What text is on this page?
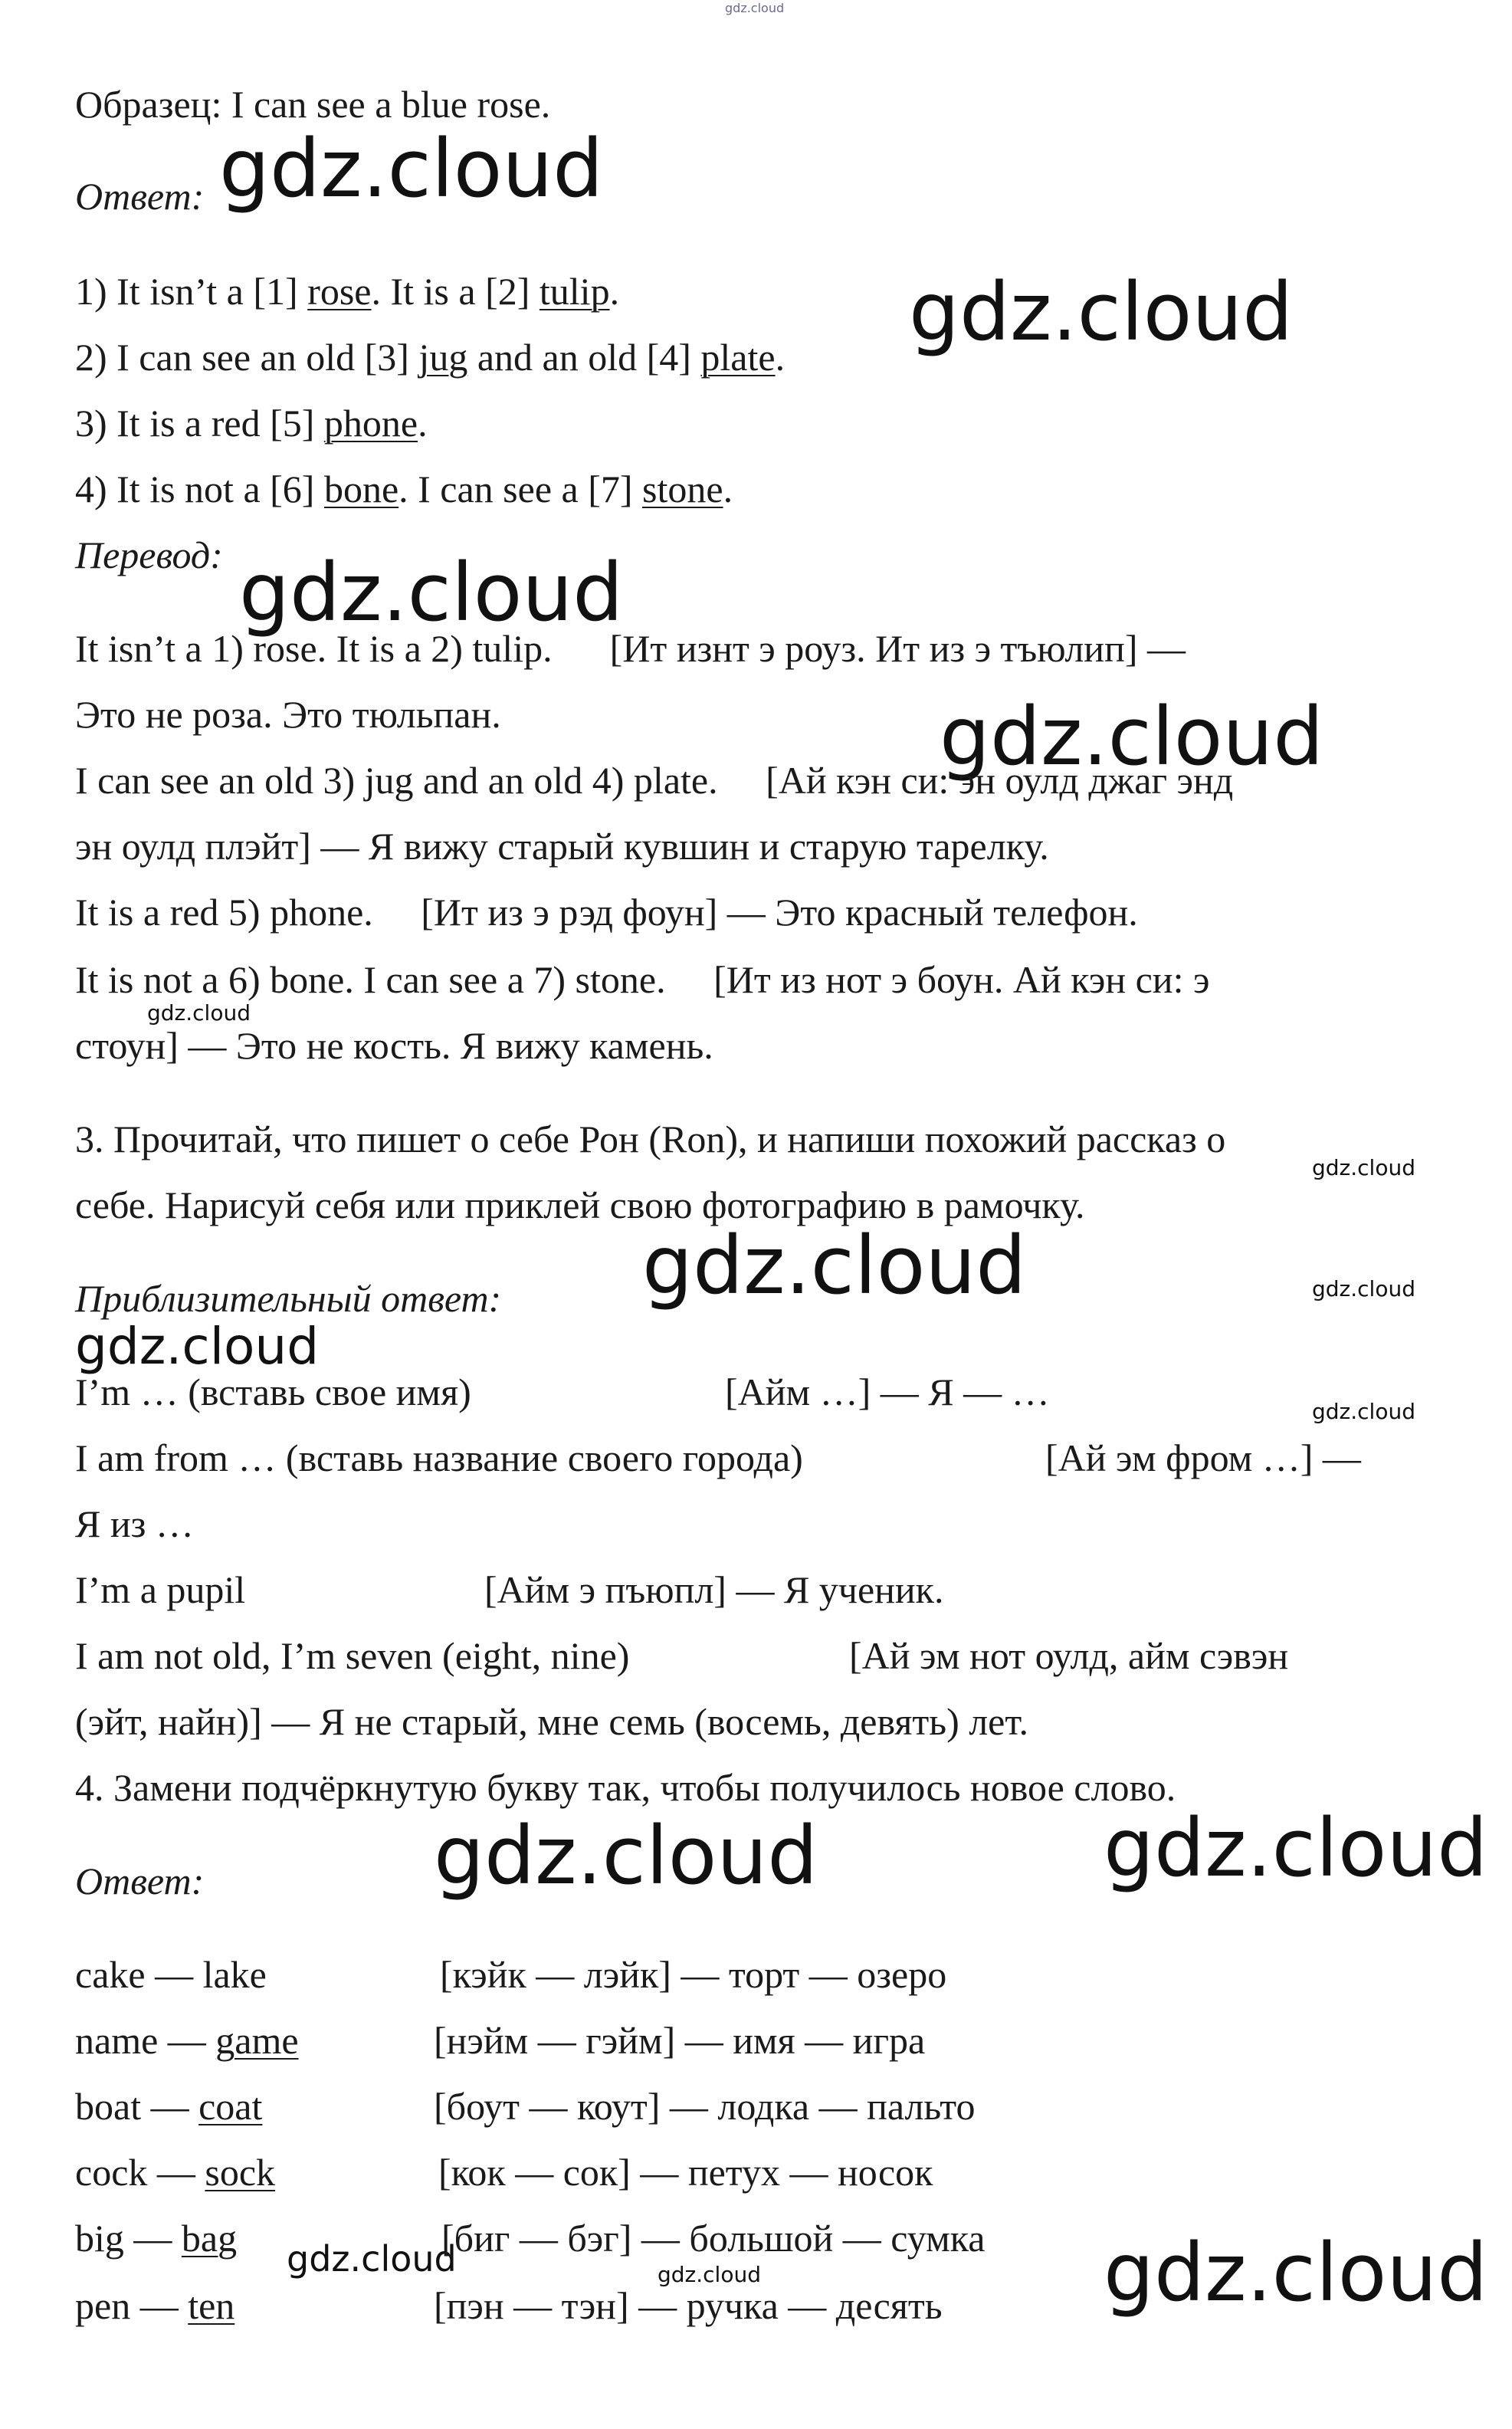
gdz.cloud
gdz.cloud
gdz.cloud
gdz.cloud
gdz.cloud
gdz.cloud
gdz.cloud
gdz.cloud	gdz.cloud
gdz.cloud
gdz.cloud
gdz.cloud	gdz.cloud
gdz.cloud	gdz.cloud	gdz.cloud
Образец: I can see a blue rose.
Ответ:
1) It isn’t a [1] rose. It is a [2] tulip.
2) I can see an old [3] jug and an old [4] plate.
3) It is a red [5] phone.
4) It is not a [6] bone. I can see a [7] stone.
Перевод:
It isn’t a 1) rose. It is a 2) tulip.      [Ит изнт э роуз. Ит из э тъюлип] —
Это не роза. Это тюльпан.
I can see an old 3) jug and an old 4) plate.     [Ай кэн си: эн оулд джаг энд
эн оулд плэйт] — Я вижу старый кувшин и старую тарелку.
It is a red 5) phone.     [Ит из э рэд фоун] — Это красный телефон.
It is not a 6) bone. I can see a 7) stone.     [Ит из нот э боун. Ай кэн си: э
стоун] — Это не кость. Я вижу камень.
3. Прочитай, что пишет о себе Рон (Ron), и напиши похожий рассказ о
себе. Нарисуй себя или приклей свою фотографию в рамочку.
Приблизительный ответ:
I’m … (вставь свое имя)	[Айм …] — Я — …
I am from … (вставь название своего города)	[Ай эм фром …] —
Я из …
I’m a pupil	[Айм э пъюпл] — Я ученик.
I am not old, I’m seven (eight, nine)	[Ай эм нот оулд, айм сэвэн
(эйт, найн)] — Я не старый, мне семь (восемь, девять) лет.
4. Замени подчёркнутую букву так, чтобы получилось новое слово.
Ответ:
cake — lake	[кэйк — лэйк] — торт — озеро
name — game	[нэйм — гэйм] — имя — игра
boat — coat	[боут — коут] — лодка — пальто
cock — sock	[кок — сок] — петух — носок
big — bag	[биг — бэг] — большой — сумка
pen — ten	[пэн — тэн] — ручка — десять
